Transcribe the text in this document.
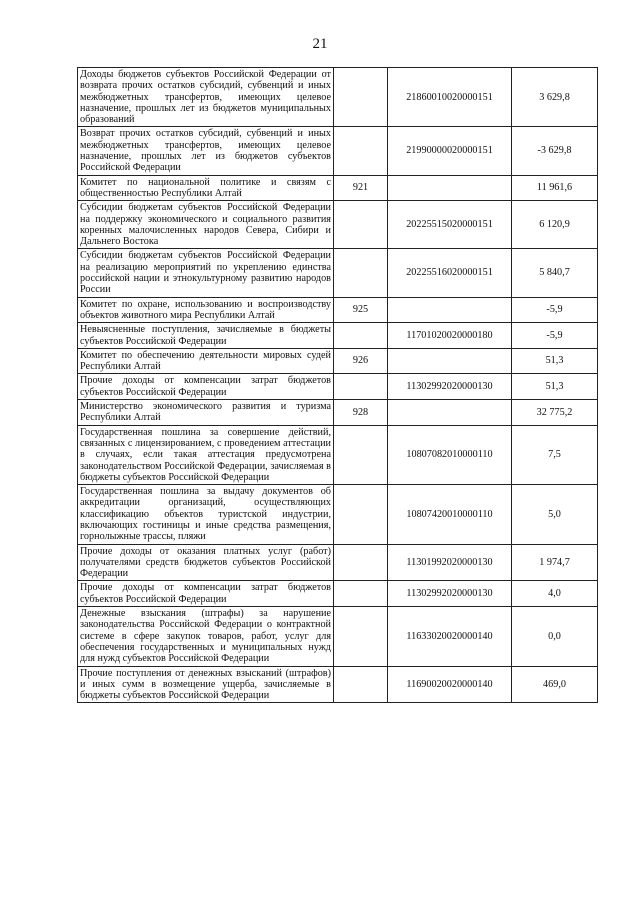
21
Доходы бюджетов субъектов Российской Федерации от возврата прочих остатков субсидий, субвенций и иных межбюджетных трансфертов, имеющих целевое назначение, прошлых лет из бюджетов муниципальных образований		21860010020000151	3 629,8
Возврат прочих остатков субсидий, субвенций и иных межбюджетных трансфертов, имеющих целевое назначение, прошлых лет из бюджетов субъектов Российской Федерации		21990000020000151	-3 629,8
Комитет по национальной политике и связям с общественностью Республики Алтай	921		11 961,6
Субсидии бюджетам субъектов Российской Федерации на поддержку экономического и социального развития коренных малочисленных народов Севера, Сибири и Дальнего Востока		20225515020000151	6 120,9
Субсидии бюджетам субъектов Российской Федерации на реализацию мероприятий по укреплению единства российской нации и этнокультурному развитию народов России		20225516020000151	5 840,7
Комитет по охране, использованию и воспроизводству объектов животного мира Республики Алтай	925		-5,9
Невыясненные поступления, зачисляемые в бюджеты субъектов Российской Федерации		11701020020000180	-5,9
Комитет по обеспечению деятельности мировых судей Республики Алтай	926		51,3
Прочие доходы от компенсации затрат бюджетов субъектов Российской Федерации		11302992020000130	51,3
Министерство экономического развития и туризма Республики Алтай	928		32 775,2
Государственная пошлина за совершение действий, связанных с лицензированием, с проведением аттестации в случаях, если такая аттестация предусмотрена законодательством Российской Федерации, зачисляемая в бюджеты субъектов Российской Федерации		10807082010000110	7,5
Государственная пошлина за выдачу документов об аккредитации организаций, осуществляющих классификацию объектов туристской индустрии, включающих гостиницы и иные средства размещения, горнолыжные трассы, пляжи		10807420010000110	5,0
Прочие доходы от оказания платных услуг (работ) получателями средств бюджетов субъектов Российской Федерации		11301992020000130	1 974,7
Прочие доходы от компенсации затрат бюджетов субъектов Российской Федерации		11302992020000130	4,0
Денежные взыскания (штрафы) за нарушение законодательства Российской Федерации о контрактной системе в сфере закупок товаров, работ, услуг для обеспечения государственных и муниципальных нужд для нужд субъектов Российской Федерации		11633020020000140	0,0
Прочие поступления от денежных взысканий (штрафов) и иных сумм в возмещение ущерба, зачисляемые в бюджеты субъектов Российской Федерации		11690020020000140	469,0
